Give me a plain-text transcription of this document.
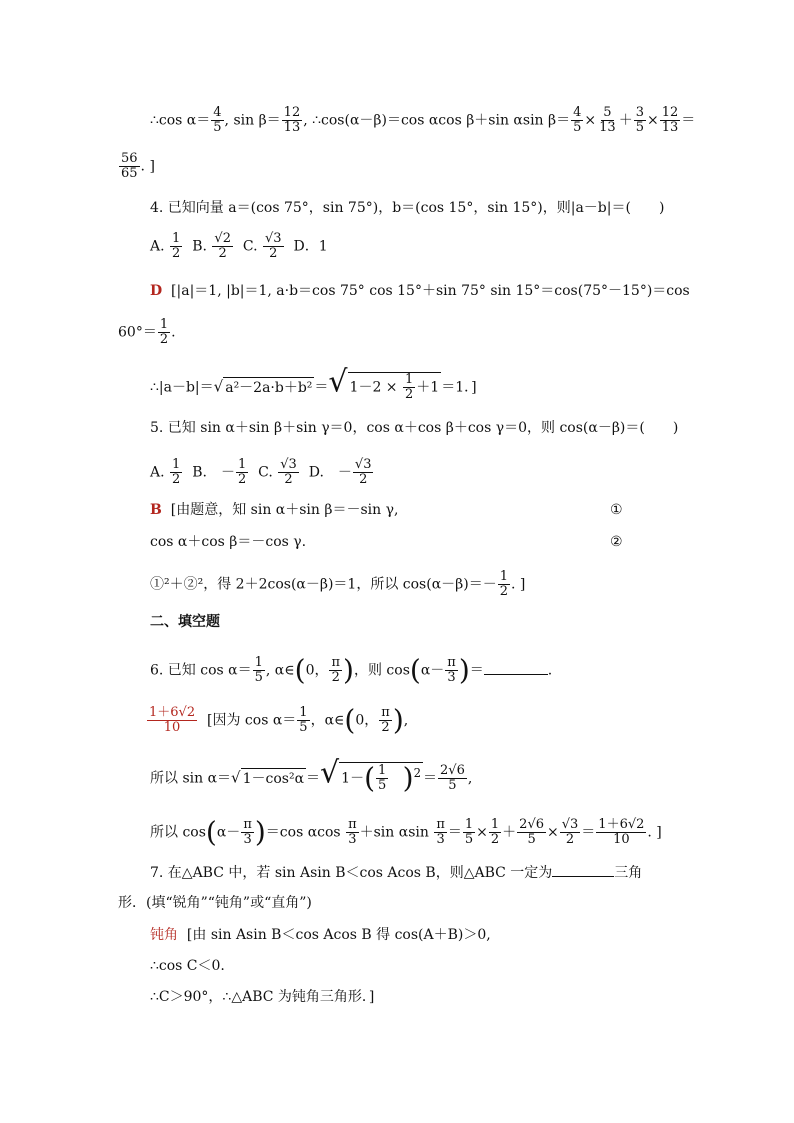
∴cos $\alpha= \frac{4}{5}$ , $\sin \beta= \frac{12}{13}$ , ∴cos(α－β)＝cos αcos β＋sin αsin $\beta= \frac{4}{5} \times \frac{5}{13} + \frac{3}{5} \times \frac{12}{13}$ ＝
$\frac{56}{65}$ . ]
4. 已知向量 a＝(cos 75°，sin 75°)，b＝(cos 15°，sin 15°)，则|a－b|＝(　　)
A. $\frac{1}{2} B$. $\frac{√2}{2} C$. $\frac{√3}{2}$ D．1
D [|a|＝1, |b|＝1, a·b＝cos 75° cos 15°＋sin 75° sin 15°＝cos(75°－15°)＝cos
$60^\circ= \frac{1}{2}$ .
∴|a－b|＝√ a²－2a·b＋b² ＝√ $1-2 \times \frac{1}{2} +1 =1$．]
5. 已知 sin α＋sin β＋sin γ＝0，cos α＋cos β＋cos γ＝0，则 cos(α－β)＝(　　)
A. $\frac{1}{2} B$.　－ $\frac{1}{2} C$. $\frac{√3}{2} D$.　－ $\frac{√3}{2}$
B [由题意，知 sin α＋sin β＝－sin γ,	①
cos α＋cos β＝－cos γ.	②
①²＋②²，得 2＋2cos(α－β)＝1，所以 $\cos(\alpha-\beta)=- \frac{1}{2}$ . ]
二、填空题
6. 已知 $\cos \alpha= \frac{1}{5}$ , α∈(0， $\frac{\pi}{2}$ )，则 $\cos(\alpha- \frac{\pi}{3}$ )＝	.
$\frac{1+6√2}{10}$ [因为 $\cos \alpha= \frac{1}{5}$ ，α∈(0， $\frac{\pi}{2}$ ),
所以 sin α＝√ 1－cos²α ＝√ $1-( \frac{1}{5} )^2 = \frac{2√6}{5}$ ,
所以 $\cos(\alpha- \frac{\pi}{3} )=\cos$ αcos $\frac{\pi}{3} +\sin$ αsin $\frac{\pi}{3} = \frac{1}{5} \times \frac{1}{2} + \frac{2√6}{5} \times \frac{√3}{2} = \frac{1+6√2}{10}$ . ]
7. 在△ABC 中，若 sin Asin B＜cos Acos B，则△ABC 一定为	三角
形．(填“锐角”“钝角”或“直角”)
钝角 [由 sin Asin B＜cos Acos B 得 cos(A＋B)＞0,
∴cos C＜0.
∴C＞90°，∴△ABC 为钝角三角形．]
